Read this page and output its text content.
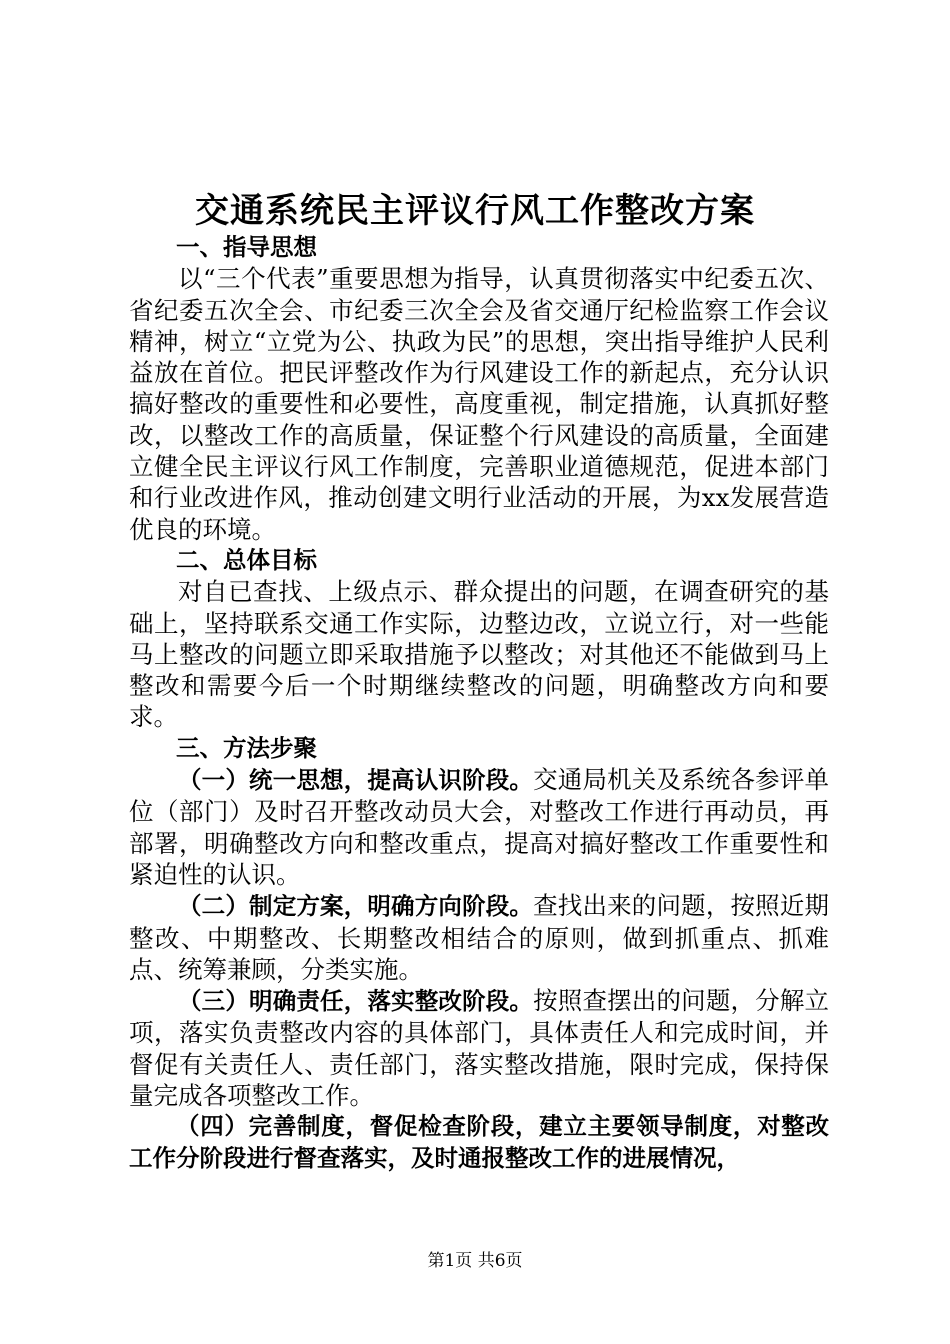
交通系统民主评议行风工作整改方案

一、指导思想

以“三个代表”重要思想为指导，认真贯彻落实中纪委五次、省纪委五次全会、市纪委三次全会及省交通厅纪检监察工作会议精神，树立“立党为公、执政为民”的思想，突出指导维护人民利益放在首位。把民评整改作为行风建设工作的新起点，充分认识搞好整改的重要性和必要性，高度重视，制定措施，认真抓好整改，以整改工作的高质量，保证整个行风建设的高质量，全面建立健全民主评议行风工作制度，完善职业道德规范，促进本部门和行业改进作风，推动创建文明行业活动的开展，为xx发展营造优良的环境。

二、总体目标

对自已查找、上级点示、群众提出的问题，在调查研究的基础上，坚持联系交通工作实际，边整边改，立说立行，对一些能马上整改的问题立即采取措施予以整改；对其他还不能做到马上整改和需要今后一个时期继续整改的问题，明确整改方向和要求。

三、方法步聚

（一）统一思想，提高认识阶段。交通局机关及系统各参评单位（部门）及时召开整改动员大会，对整改工作进行再动员，再部署，明确整改方向和整改重点，提高对搞好整改工作重要性和紧迫性的认识。

（二）制定方案，明确方向阶段。查找出来的问题，按照近期整改、中期整改、长期整改相结合的原则，做到抓重点、抓难点、统筹兼顾，分类实施。

（三）明确责任，落实整改阶段。按照查摆出的问题，分解立项，落实负责整改内容的具体部门，具体责任人和完成时间，并督促有关责任人、责任部门，落实整改措施，限时完成，保持保量完成各项整改工作。

（四）完善制度，督促检查阶段，建立主要领导制度，对整改工作分阶段进行督查落实，及时通报整改工作的进展情况，

第1页 共6页
